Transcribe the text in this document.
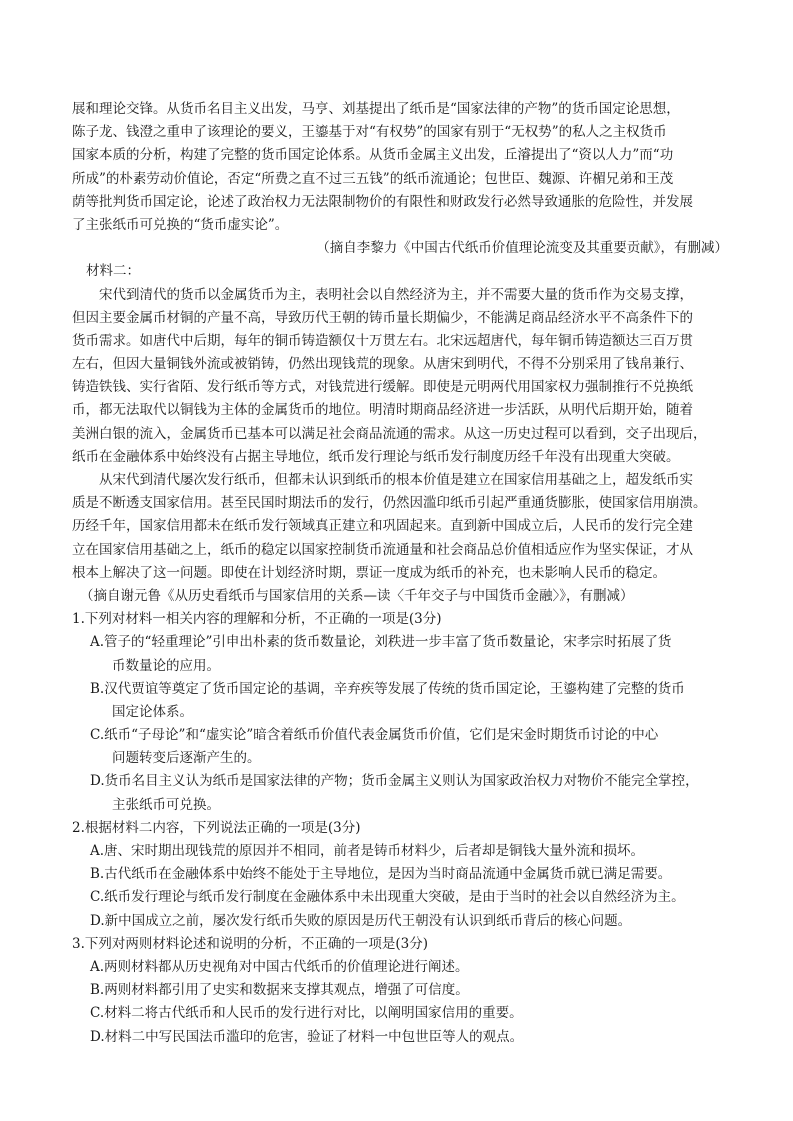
展和理论交锋。从货币名目主义出发，马亨、刘基提出了纸币是“国家法律的产物”的货币国定论思想，
陈子龙、钱澄之重申了该理论的要义，王鎏基于对“有权势”的国家有别于“无权势”的私人之主权货币
国家本质的分析，构建了完整的货币国定论体系。从货币金属主义出发，丘濬提出了“资以人力”而“功
所成”的朴素劳动价值论，否定“所费之直不过三五钱”的纸币流通论；包世臣、魏源、许楣兄弟和王茂
荫等批判货币国定论，论述了政治权力无法限制物价的有限性和财政发行必然导致通胀的危险性，并发展
了主张纸币可兑换的“货币虚实论”。
（摘自李黎力《中国古代纸币价值理论流变及其重要贡献》，有删减）
材料二：
宋代到清代的货币以金属货币为主，表明社会以自然经济为主，并不需要大量的货币作为交易支撑，
但因主要金属币材铜的产量不高，导致历代王朝的铸币量长期偏少，不能满足商品经济水平不高条件下的
货币需求。如唐代中后期，每年的铜币铸造额仅十万贯左右。北宋远超唐代，每年铜币铸造额达三百万贯
左右，但因大量铜钱外流或被销铸，仍然出现钱荒的现象。从唐宋到明代，不得不分别采用了钱帛兼行、
铸造铁钱、实行省陌、发行纸币等方式，对钱荒进行缓解。即使是元明两代用国家权力强制推行不兑换纸
币，都无法取代以铜钱为主体的金属货币的地位。明清时期商品经济进一步活跃，从明代后期开始，随着
美洲白银的流入，金属货币已基本可以满足社会商品流通的需求。从这一历史过程可以看到，交子出现后，
纸币在金融体系中始终没有占据主导地位，纸币发行理论与纸币发行制度历经千年没有出现重大突破。
从宋代到清代屡次发行纸币，但都未认识到纸币的根本价值是建立在国家信用基础之上，超发纸币实
质是不断透支国家信用。甚至民国时期法币的发行，仍然因滥印纸币引起严重通货膨胀，使国家信用崩溃。
历经千年，国家信用都未在纸币发行领域真正建立和巩固起来。直到新中国成立后，人民币的发行完全建
立在国家信用基础之上，纸币的稳定以国家控制货币流通量和社会商品总价值相适应作为坚实保证，才从
根本上解决了这一问题。即使在计划经济时期，票证一度成为纸币的补充，也未影响人民币的稳定。
（摘自谢元鲁《从历史看纸币与国家信用的关系—读〈千年交子与中国货币金融〉》，有删减）
1.下列对材料一相关内容的理解和分析，不正确的一项是(3分)
A.管子的“轻重理论”引申出朴素的货币数量论，刘秩进一步丰富了货币数量论，宋孝宗时拓展了货
币数量论的应用。
B.汉代贾谊等奠定了货币国定论的基调，辛弃疾等发展了传统的货币国定论，王鎏构建了完整的货币
国定论体系。
C.纸币“子母论”和“虚实论”暗含着纸币价值代表金属货币价值，它们是宋金时期货币讨论的中心
问题转变后逐渐产生的。
D.货币名目主义认为纸币是国家法律的产物；货币金属主义则认为国家政治权力对物价不能完全掌控，
主张纸币可兑换。
2.根据材料二内容，下列说法正确的一项是(3分)
A.唐、宋时期出现钱荒的原因并不相同，前者是铸币材料少，后者却是铜钱大量外流和损坏。
B.古代纸币在金融体系中始终不能处于主导地位，是因为当时商品流通中金属货币就已满足需要。
C.纸币发行理论与纸币发行制度在金融体系中未出现重大突破，是由于当时的社会以自然经济为主。
D.新中国成立之前，屡次发行纸币失败的原因是历代王朝没有认识到纸币背后的核心问题。
3.下列对两则材料论述和说明的分析，不正确的一项是(3分)
A.两则材料都从历史视角对中国古代纸币的价值理论进行阐述。
B.两则材料都引用了史实和数据来支撑其观点，增强了可信度。
C.材料二将古代纸币和人民币的发行进行对比，以阐明国家信用的重要。
D.材料二中写民国法币滥印的危害，验证了材料一中包世臣等人的观点。
